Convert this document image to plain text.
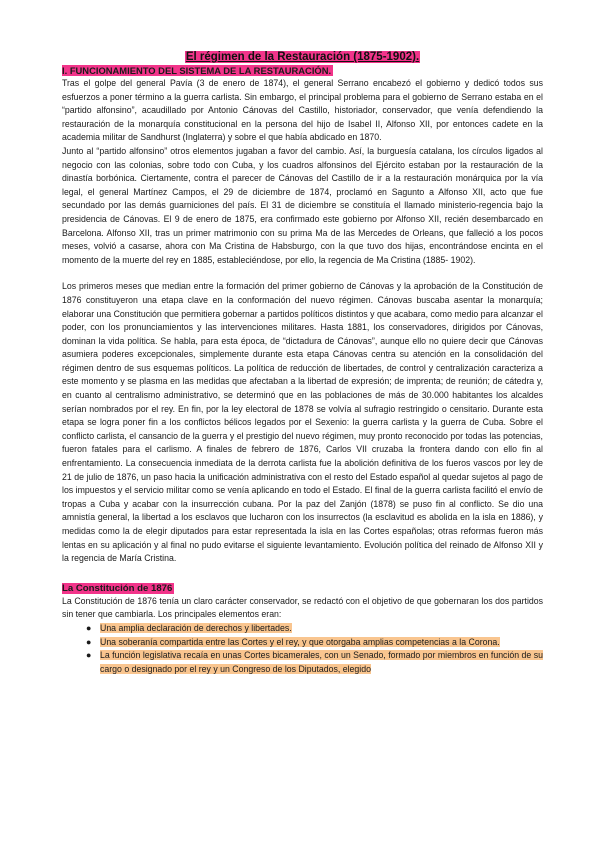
El régimen de la Restauración (1875-1902).
I. FUNCIONAMIENTO DEL SISTEMA DE LA RESTAURACIÓN.

Tras el golpe del general Pavía (3 de enero de 1874), el general Serrano encabezó el gobierno y dedicó todos sus esfuerzos a poner término a la guerra carlista. Sin embargo, el principal problema para el gobierno de Serrano estaba en el “partido alfonsino”, acaudillado por Antonio Cánovas del Castillo, historiador, conservador, que venía defendiendo la restauración de la monarquía constitucional en la persona del hijo de Isabel II, Alfonso XII, por entonces cadete en la academia militar de Sandhurst (Inglaterra) y sobre el que había abdicado en 1870.

Junto al “partido alfonsino” otros elementos jugaban a favor del cambio. Así, la burguesía catalana, los círculos ligados al negocio con las colonias, sobre todo con Cuba, y los cuadros alfonsinos del Ejército estaban por la restauración de la dinastía borbónica. Ciertamente, contra el parecer de Cánovas del Castillo de ir a la restauración monárquica por la vía legal, el general Martínez Campos, el 29 de diciembre de 1874, proclamó en Sagunto a Alfonso XII, acto que fue secundado por las demás guarniciones del país. El 31 de diciembre se constituía el llamado ministerio-regencia bajo la presidencia de Cánovas. El 9 de enero de 1875, era confirmado este gobierno por Alfonso XII, recién desembarcado en Barcelona. Alfonso XII, tras un primer matrimonio con su prima Ma de las Mercedes de Orleans, que falleció a los pocos meses, volvió a casarse, ahora con Ma Cristina de Habsburgo, con la que tuvo dos hijas, encontrándose encinta en el momento de la muerte del rey en 1885, estableciéndose, por ello, la regencia de Ma Cristina (1885- 1902).

Los primeros meses que median entre la formación del primer gobierno de Cánovas y la aprobación de la Constitución de 1876 constituyeron una etapa clave en la conformación del nuevo régimen. Cánovas buscaba asentar la monarquía; elaborar una Constitución que permitiera gobernar a partidos políticos distintos y que acabara, como medio para alcanzar el poder, con los pronunciamientos y las intervenciones militares. Hasta 1881, los conservadores, dirigidos por Cánovas, dominan la vida política. Se habla, para esta época, de “dictadura de Cánovas”, aunque ello no quiere decir que Cánovas asumiera poderes excepcionales, simplemente durante esta etapa Cánovas centra su atención en la consolidación del régimen dentro de sus esquemas políticos. La política de reducción de libertades, de control y centralización caracteriza a este momento y se plasma en las medidas que afectaban a la libertad de expresión; de imprenta; de reunión; de cátedra y, en cuanto al centralismo administrativo, se determinó que en las poblaciones de más de 30.000 habitantes los alcaldes serían nombrados por el rey. En fin, por la ley electoral de 1878 se volvía al sufragio restringido o censitario. Durante esta etapa se logra poner fin a los conflictos bélicos legados por el Sexenio: la guerra carlista y la guerra de Cuba. Sobre el conflicto carlista, el cansancio de la guerra y el prestigio del nuevo régimen, muy pronto reconocido por todas las potencias, fueron fatales para el carlismo. A finales de febrero de 1876, Carlos VII cruzaba la frontera dando con ello fin al enfrentamiento. La consecuencia inmediata de la derrota carlista fue la abolición definitiva de los fueros vascos por ley de 21 de julio de 1876, un paso hacia la unificación administrativa con el resto del Estado español al quedar sujetos al pago de los impuestos y el servicio militar como se venía aplicando en todo el Estado. El final de la guerra carlista facilitó el envío de tropas a Cuba y acabar con la insurrección cubana. Por la paz del Zanjón (1878) se puso fin al conflicto. Se dio una amnistía general, la libertad a los esclavos que lucharon con los insurrectos (la esclavitud es abolida en la isla en 1886), y medidas como la de elegir diputados para estar representada la isla en las Cortes españolas; otras reformas fueron más lentas en su aplicación y al final no pudo evitarse el siguiente levantamiento. Evolución política del reinado de Alfonso XII y la regencia de María Cristina.

La Constitución de 1876

La Constitución de 1876 tenía un claro carácter conservador, se redactó con el objetivo de que gobernaran los dos partidos sin tener que cambiarla. Los principales elementos eran:

● Una amplia declaración de derechos y libertades.
● Una soberanía compartida entre las Cortes y el rey, y que otorgaba amplias competencias a la Corona.
● La función legislativa recaía en unas Cortes bicamerales, con un Senado, formado por miembros en función de su cargo o designado por el rey y un Congreso de los Diputados, elegido
